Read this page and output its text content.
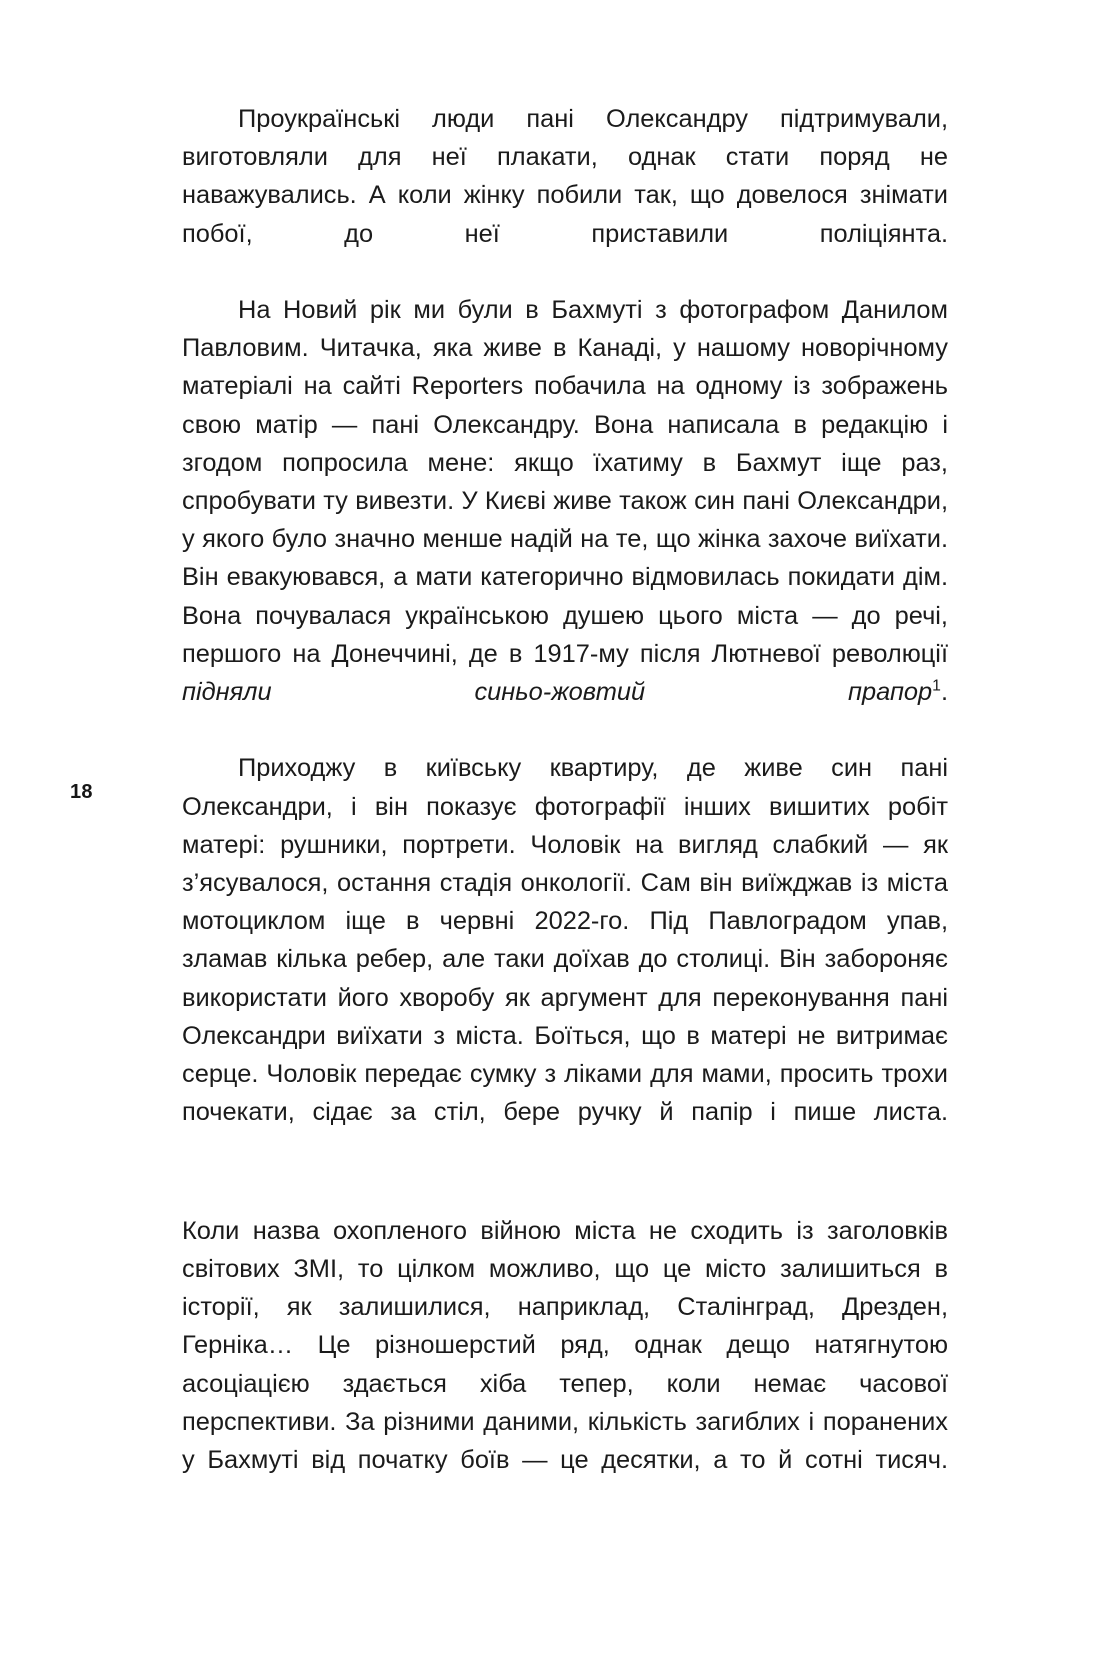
18

Проукраїнські люди пані Олександру підтримували, виготовляли для неї плакати, однак стати поряд не наважувались. А коли жінку побили так, що довелося знімати побої, до неї приставили поліціянта.

На Новий рік ми були в Бахмуті з фотографом Данилом Павловим. Читачка, яка живе в Канаді, у нашому новорічному матеріалі на сайті Reporters побачила на одному із зображень свою матір — пані Олександру. Вона написала в редакцію і згодом попросила мене: якщо їхатиму в Бахмут іще раз, спробувати ту вивезти. У Києві живе також син пані Олександри, у якого було значно менше надій на те, що жінка захоче виїхати. Він евакуювався, а мати категорично відмовилась покидати дім. Вона почувалася українською душею цього міста — до речі, першого на Донеччині, де в 1917-му після Лютневої революції підняли синьо-жовтий прапор$^1$.

Приходжу в київську квартиру, де живе син пані Олександри, і він показує фотографії інших вишитих робіт матері: рушники, портрети. Чоловік на вигляд слабкий — як з’ясувалося, остання стадія онкології. Сам він виїжджав із міста мотоциклом іще в червні 2022-го. Під Павлоградом упав, зламав кілька ребер, але таки доїхав до столиці. Він забороняє використати його хворобу як аргумент для переконування пані Олександри виїхати з міста. Боїться, що в матері не витримає серце. Чоловік передає сумку з ліками для мами, просить трохи почекати, сідає за стіл, бере ручку й папір і пише листа.

Коли назва охопленого війною міста не сходить із заголовків світових ЗМІ, то цілком можливо, що це місто залишиться в історії, як залишилися, наприклад, Сталінград, Дрезден, Герніка… Це різношерстий ряд, однак дещо натягнутою асоціацією здається хіба тепер, коли немає часової перспективи. За різними даними, кількість загиблих і поранених у Бахмуті від початку боїв — це десятки, а то й сотні тисяч.
